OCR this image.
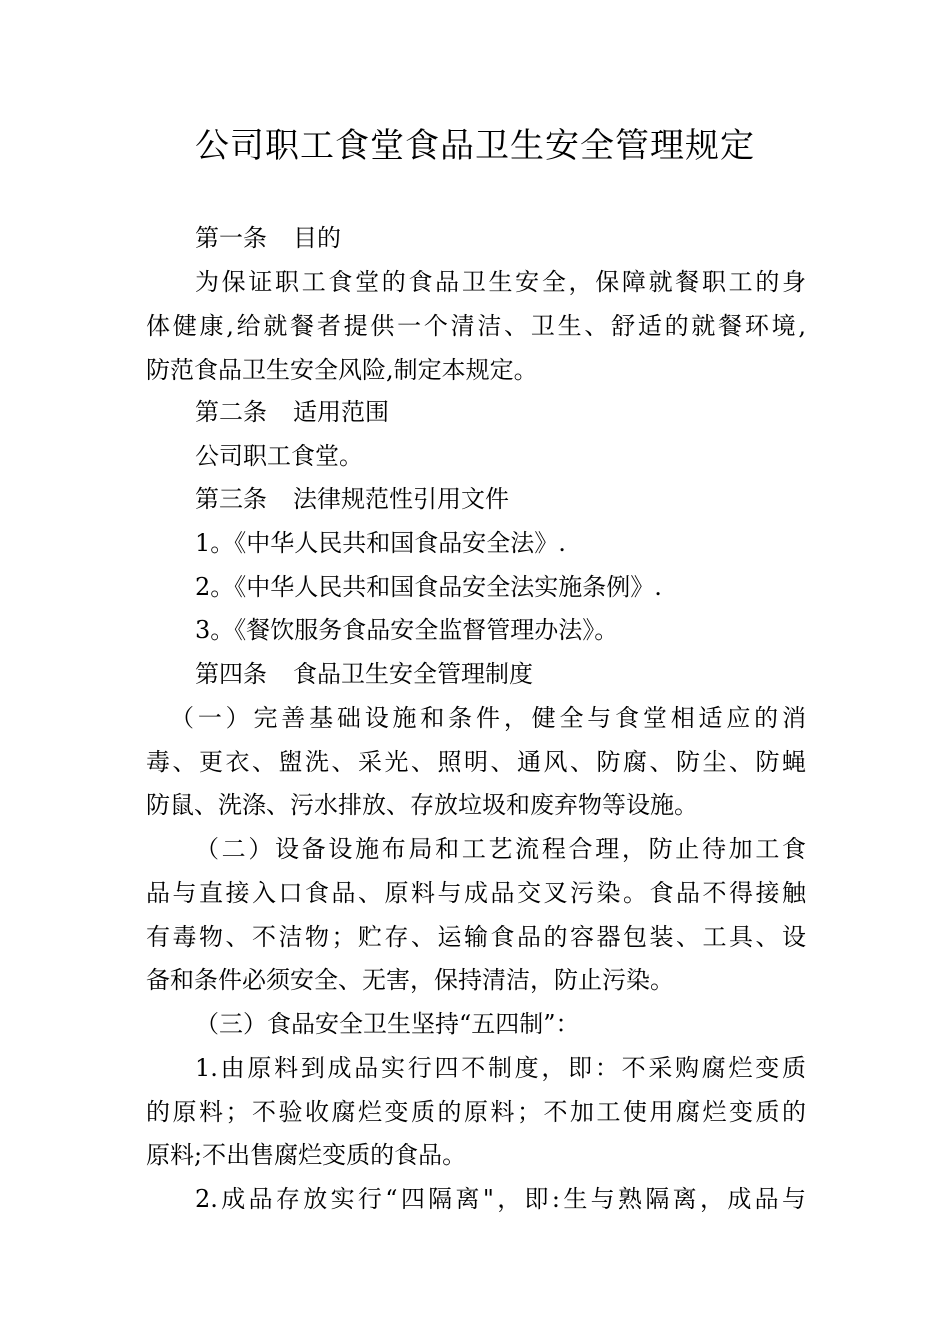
公司职工食堂食品卫生安全管理规定
第一条 目的
为保证职工食堂的食品卫生安全，保障就餐职工的身
体健康,给就餐者提供一个清洁、卫生、舒适的就餐环境,
防范食品卫生安全风险,制定本规定。
第二条 适用范围
公司职工食堂。
第三条 法律规范性引用文件
1。《中华人民共和国食品安全法》.
2。《中华人民共和国食品安全法实施条例》.
3。《餐饮服务食品安全监督管理办法》。
第四条 食品卫生安全管理制度
（一）完善基础设施和条件，健全与食堂相适应的消
毒、更衣、盥洗、采光、照明、通风、防腐、防尘、防蝇
防鼠、洗涤、污水排放、存放垃圾和废弃物等设施。
（二）设备设施布局和工艺流程合理，防止待加工食
品与直接入口食品、原料与成品交叉污染。食品不得接触
有毒物、不洁物；贮存、运输食品的容器包装、工具、设
备和条件必须安全、无害，保持清洁，防止污染。
（三）食品安全卫生坚持“五四制”：
1.由原料到成品实行四不制度，即：不采购腐烂变质
的原料；不验收腐烂变质的原料；不加工使用腐烂变质的
原料;不出售腐烂变质的食品。
2.成品存放实行“四隔离"，即:生与熟隔离，成品与
